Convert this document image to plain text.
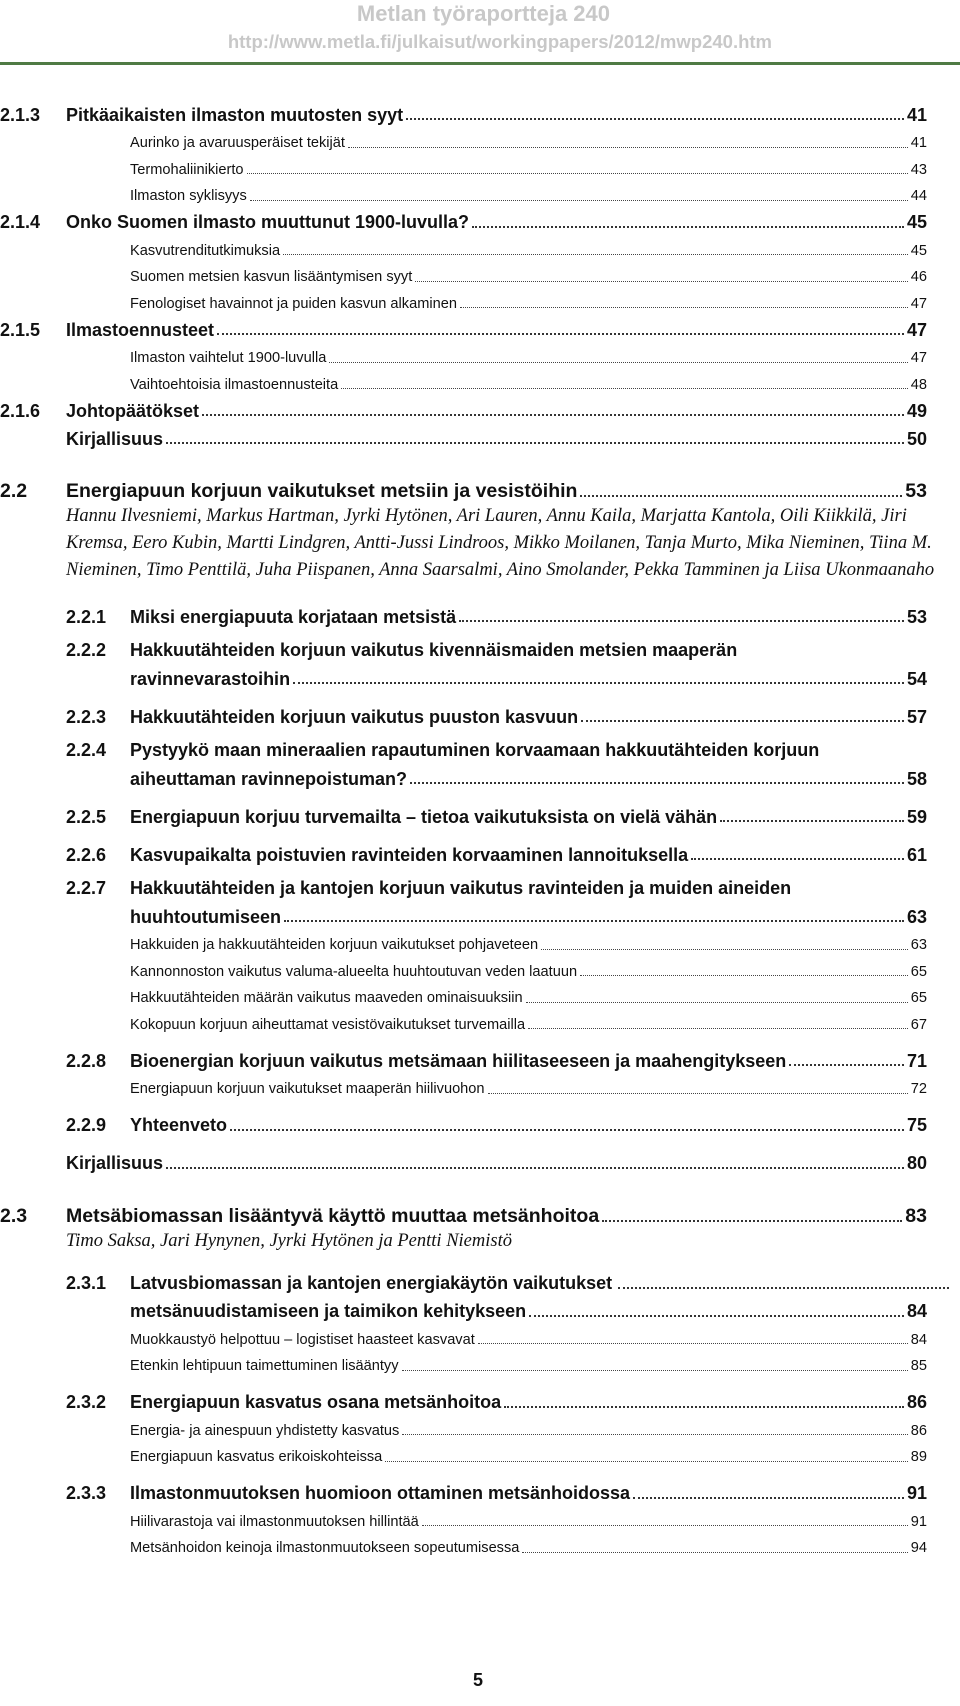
Metlan työraportteja 240
http://www.metla.fi/julkaisut/workingpapers/2012/mwp240.htm
2.1.3 Pitkäaikaisten ilmaston muutosten syyt	41
Aurinko ja avaruusperäiset tekijät	41
Termohaliinikierto	43
Ilmaston syklisyys	44
2.1.4 Onko Suomen ilmasto muuttunut 1900-luvulla?	45
Kasvutrenditutkimuksia	45
Suomen metsien kasvun lisääntymisen syyt	46
Fenologiset havainnot ja puiden kasvun alkaminen	47
2.1.5 Ilmastoennusteet	47
Ilmaston vaihtelut 1900-luvulla	47
Vaihtoehtoisia ilmastoennusteita	48
2.1.6 Johtopäätökset	49
Kirjallisuus	50
2.2 Energiapuun korjuun vaikutukset metsiin ja vesistöihin	53
Hannu Ilvesniemi, Markus Hartman, Jyrki Hytönen, Ari Lauren, Annu Kaila, Marjatta Kantola, Oili Kiikkilä, Jiri Kremsa, Eero Kubin, Martti Lindgren, Antti-Jussi Lindroos, Mikko Moilanen, Tanja Murto, Mika Nieminen, Tiina M. Nieminen, Timo Penttilä, Juha Piispanen, Anna Saarsalmi, Aino Smolander, Pekka Tamminen ja Liisa Ukonmaanaho
2.2.1 Miksi energiapuuta korjataan metsistä	53
2.2.2 Hakkuutähteiden korjuun vaikutus kivennäismaiden metsien maaperän
ravinnevarastoihin	54
2.2.3 Hakkuutähteiden korjuun vaikutus puuston kasvuun	57
2.2.4 Pystyykö maan mineraalien rapautuminen korvaamaan hakkuutähteiden korjuun
aiheuttaman ravinnepoistuman?	58
2.2.5 Energiapuun korjuu turvemailta – tietoa vaikutuksista on vielä vähän	59
2.2.6 Kasvupaikalta poistuvien ravinteiden korvaaminen lannoituksella	61
2.2.7 Hakkuutähteiden ja kantojen korjuun vaikutus ravinteiden ja muiden aineiden
huuhtoutumiseen	63
Hakkuiden ja hakkuutähteiden korjuun vaikutukset pohjaveteen	63
Kannonnoston vaikutus valuma-alueelta huuhtoutuvan veden laatuun	65
Hakkuutähteiden määrän vaikutus maaveden ominaisuuksiin	65
Kokopuun korjuun aiheuttamat vesistövaikutukset turvemailla	67
2.2.8 Bioenergian korjuun vaikutus metsämaan hiilitaseeseen ja maahengitykseen	71
Energiapuun korjuun vaikutukset maaperän hiilivuohon	72
2.2.9 Yhteenveto	75
Kirjallisuus	80
2.3 Metsäbiomassan lisääntyvä käyttö muuttaa metsänhoitoa	83
Timo Saksa, Jari Hynynen, Jyrki Hytönen ja Pentti Niemistö
2.3.1 Latvusbiomassan ja kantojen energiakäytön vaikutukset
metsänuudistamiseen ja taimikon kehitykseen	84
Muokkaustyö helpottuu – logistiset haasteet kasvavat	84
Etenkin lehtipuun taimettuminen lisääntyy	85
2.3.2 Energiapuun kasvatus osana metsänhoitoa	86
Energia- ja ainespuun yhdistetty kasvatus	86
Energiapuun kasvatus erikoiskohteissa	89
2.3.3 Ilmastonmuutoksen huomioon ottaminen metsänhoidossa	91
Hiilivarastoja vai ilmastonmuutoksen hillintää	91
Metsänhoidon keinoja ilmastonmuutokseen sopeutumisessa	94
5
